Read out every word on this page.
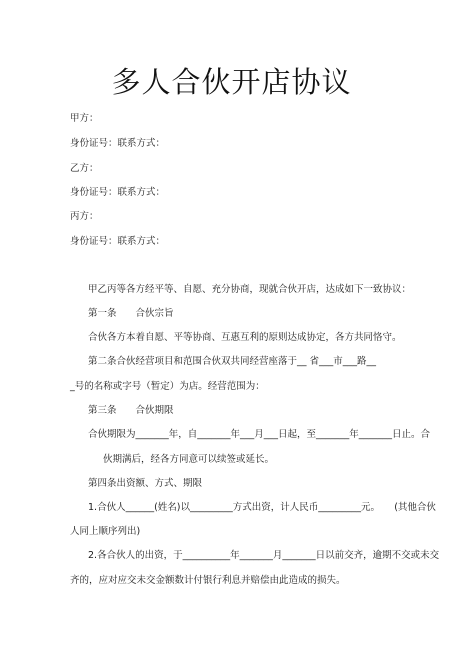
多人合伙开店协议
甲方：
身份证号：联系方式：
乙方：
身份证号：联系方式：
丙方：
身份证号：联系方式：
甲乙丙等各方经平等、自愿、充分协商，现就合伙开店，达成如下一致协议：
第一条　　合伙宗旨
合伙各方本着自愿、平等协商、互惠互利的原则达成协定，各方共同恪守。
第二条合伙经营项目和范围合伙双共同经营座落于__ 省___市___路__
_号的名称或字号（暂定）为店。经营范围为：
第三条　　合伙期限
合伙期限为_______年，自_______年___月___日起，至_______年_______日止。合
伙期满后，经各方同意可以续签或延长。
第四条出资额、方式、期限
1.合伙人______(姓名)以_________方式出资，计人民币_________元。　　(其他合伙
人同上顺序列出)
2.各合伙人的出资，于__________年_______月_______日以前交齐，逾期不交或未交
齐的，应对应交未交金额数计付银行利息并赔偿由此造成的损失。
